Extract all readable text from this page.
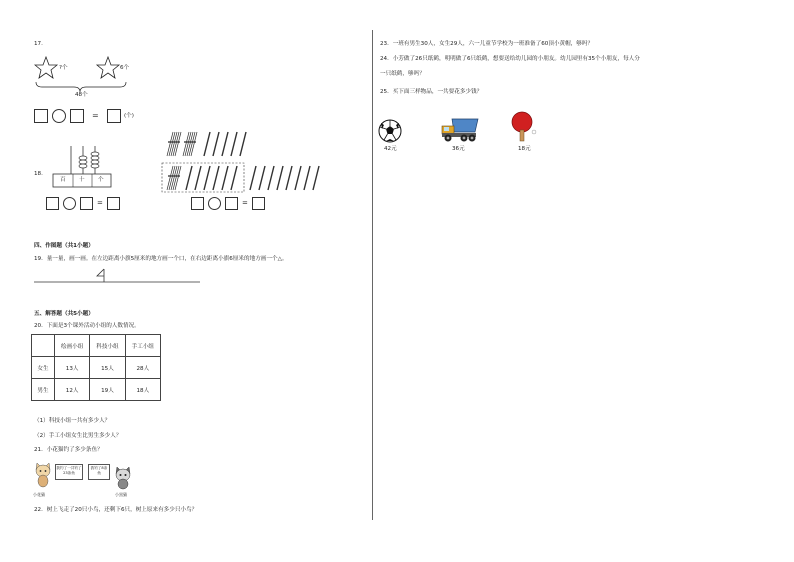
17.
?个	6个
48个
=	(个)
18.
百 十 个
=	=
四、作图题（共1小题）
19．量一量，画一画。在左边距离小旗5厘米的地方画一个口，在右边距离小旗6厘米的地方画一个△。
五、解答题（共5小题）
20．下面是3个课外活动小组的人数情况。
	绘画小组	科技小组	手工小组
女生	13人	15人	28人
男生	12人	19人	18人
（1）科技小组一共有多少人？
（2）手工小组女生比男生多少人？
21．小花猫钓了多少条鱼？
我钓了一共钓了23条鱼
小花猫
我钓了8条鱼
小黑猫
22．树上飞走了20只小鸟，还剩下6只，树上原来有多少只小鸟？
23．一班有男生30人，女生29人，六一儿童节学校为一班准备了60顶小黄帽，够吗？
24．小芳做了26只纸鹤，明明做了6只纸鹤，想要送给幼儿园的小朋友。幼儿园里有35个小朋友，每人分
一只纸鹤，够吗？
25．买下面三样物品，一共要花多少钱？
42元	36元	18元
